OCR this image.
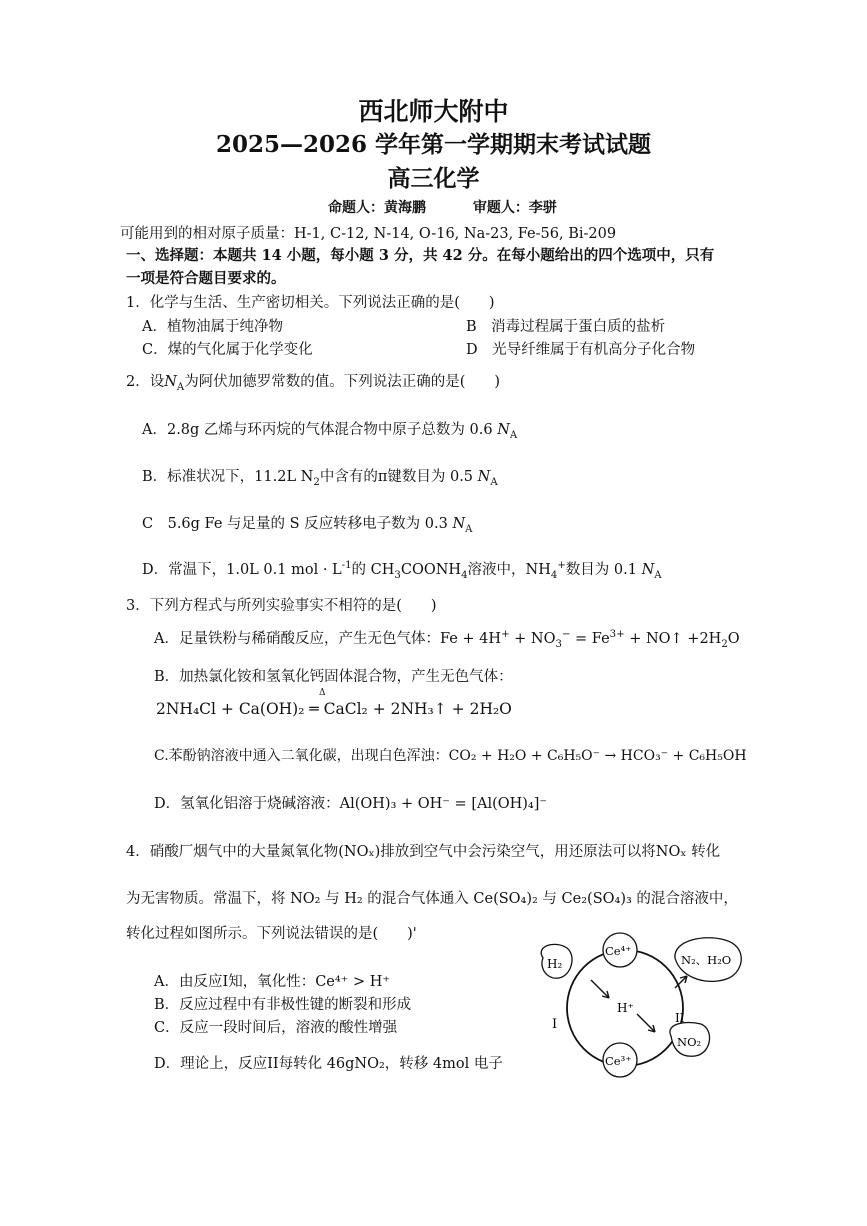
西北师大附中
2025—2026 学年第一学期期末考试试题
高三化学
命题人：黄海鹏	审题人：李骈
可能用到的相对原子质量：H-1, C-12, N-14, O-16, Na-23, Fe-56, Bi-209
一、选择题：本题共 14 小题，每小题 3 分，共 42 分。在每小题给出的四个选项中，只有
一项是符合题目要求的。
1．化学与生活、生产密切相关。下列说法正确的是(　　)
A．植物油属于纯净物	B　消毒过程属于蛋白质的盐析
C．煤的气化属于化学变化	D　光导纤维属于有机高分子化合物
2．设$N_A$为阿伏加德罗常数的值。下列说法正确的是(　　)
A．2.8g 乙烯与环丙烷的气体混合物中原子总数为 0.6 $N_A$
B．标准状况下，11.2L $N_2$中含有的π键数目为 0.5 $N_A$
C　5.6g Fe 与足量的 S 反应转移电子数为 0.3 $N_A$
D．常温下，1.0L 0.1 mol · $L^{-1}$的 $CH_3COONH_4$溶液中，$NH_4^+$数目为 0.1 $N_A$
3．下列方程式与所列实验事实不相符的是(　　)
A．足量铁粉与稀硝酸反应，产生无色气体：$Fe + 4H^+ + NO_3^- = Fe^{3+}$ + NO↑ $+2H_2O$
B．加热氯化铵和氢氧化钙固体混合物，产生无色气体：
2NH₄Cl + Ca(OH)₂ ═ CaCl₂ + 2NH₃↑ + 2H₂O
Δ
C.苯酚钠溶液中通入二氧化碳，出现白色浑浊：CO₂ + H₂O + C₆H₅O⁻ → HCO₃⁻ + C₆H₅OH
D．氢氧化铝溶于烧碱溶液：Al(OH)₃ + OH⁻ = [Al(OH)₄]⁻
4．硝酸厂烟气中的大量氮氧化物(NOₓ)排放到空气中会污染空气，用还原法可以将NOₓ 转化
为无害物质。常温下，将 NO₂ 与 H₂ 的混合气体通入 Ce(SO₄)₂ 与 Ce₂(SO₄)₃ 的混合溶液中，
转化过程如图所示。下列说法错误的是(　　)'
A．由反应I知，氧化性：Ce⁴⁺ > H⁺
B．反应过程中有非极性键的断裂和形成
C．反应一段时间后，溶液的酸性增强
D．理论上，反应II每转化 46gNO₂，转移 4mol 电子
H₂
Ce⁴⁺
Ce³⁺
H⁺
N₂、H₂O
NO₂
I	II
